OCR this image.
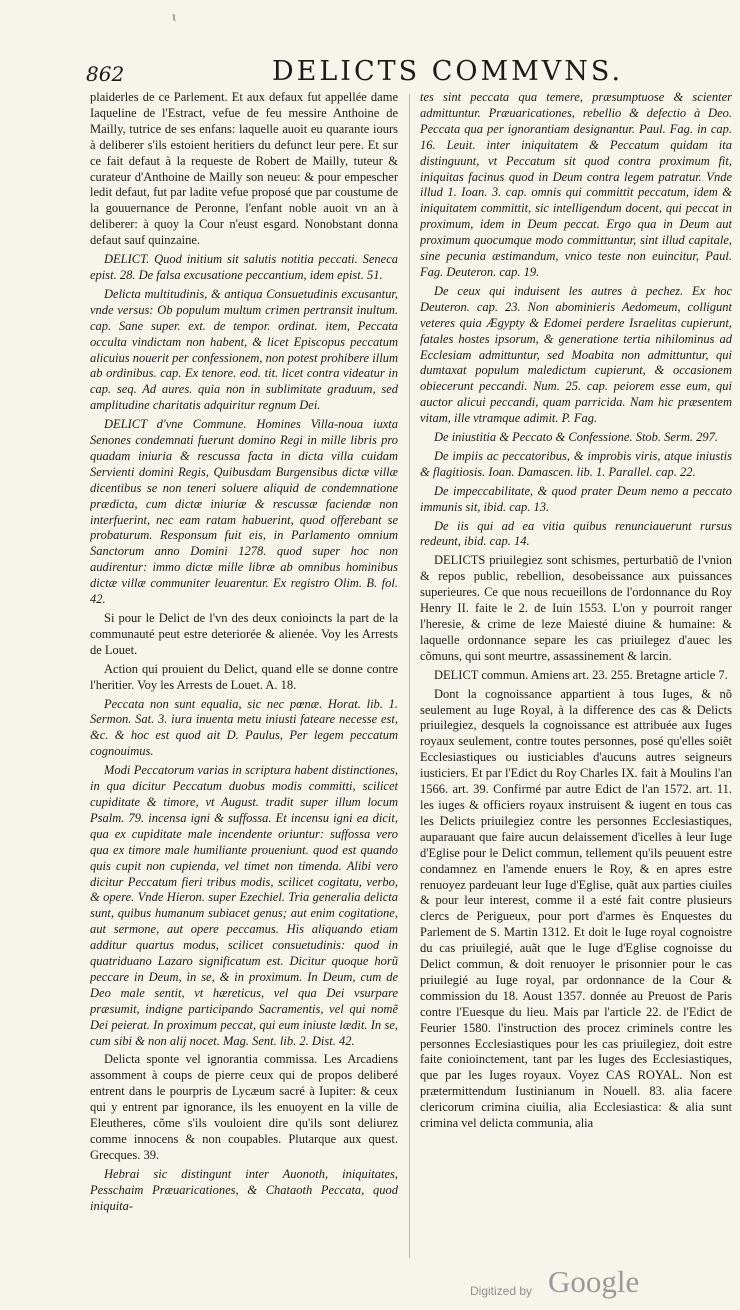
ɩ
862	DELICTS COMMVNS.

plaiderles de ce Parlement. Et aux defaux fut appellée dame Iaqueline de l'Estract, vefue de feu messire Anthoine de Mailly, tutrice de ses enfans: laquelle auoit eu quarante iours à deliberer s'ils estoient heritiers du defunct leur pere. Et sur ce fait defaut à la requeste de Robert de Mailly, tuteur & curateur d'Anthoine de Mailly son neueu: & pour empescher ledit defaut, fut par ladite vefue proposé que par coustume de la gouuernance de Peronne, l'enfant noble auoit vn an à deliberer: à quoy la Cour n'eust esgard. Nonobstant donna defaut sauf quinzaine.

DELICT. Quod initium sit salutis notitia peccati. Seneca epist. 28. De falsa excusatione peccantium, idem epist. 51.

Delicta multitudinis, & antiqua Consuetudinis excusantur, vnde versus: Ob populum multum crimen pertransit inultum. cap. Sane super. ext. de tempor. ordinat. item, Peccata occulta vindictam non habent, & licet Episcopus peccatum alicuius nouerit per confessionem, non potest prohibere illum ab ordinibus. cap. Ex tenore. eod. tit. licet contra videatur in cap. seq. Ad aures. quia non in sublimitate graduum, sed amplitudine charitatis adquiritur regnum Dei.

DELICT d'vne Commune. Homines Villa-noua iuxta Senones condemnati fuerunt domino Regi in mille libris pro quadam iniuria & rescussa facta in dicta villa cuidam Servienti domini Regis, Quibusdam Burgensibus dictæ villæ dicentibus se non teneri soluere aliquid de condemnatione prædicta, cum dictæ iniuriæ & rescussæ faciendæ non interfuerint, nec eam ratam habuerint, quod offerebant se probaturum. Responsum fuit eis, in Parlamento omnium Sanctorum anno Domini 1278. quod super hoc non audirentur: immo dictæ mille libræ ab omnibus hominibus dictæ villæ communiter leuarentur. Ex registro Olim. B. fol. 42.

Si pour le Delict de l'vn des deux conioincts la part de la communauté peut estre deteriorée & alienée. Voy les Arrests de Louet.

Action qui prouient du Delict, quand elle se donne contre l'heritier. Voy les Arrests de Louet. A. 18.

Peccata non sunt equalia, sic nec pœnæ. Horat. lib. 1. Sermon. Sat. 3. iura inuenta metu iniusti fateare necesse est, &c. & hoc est quod ait D. Paulus, Per legem peccatum cognouimus.

Modi Peccatorum varias in scriptura habent distinctiones, in qua dicitur Peccatum duobus modis committi, scilicet cupiditate & timore, vt August. tradit super illum locum Psalm. 79. incensa igni & suffossa. Et incensu igni ea dicit, qua ex cupiditate male incendente oriuntur: suffossa vero qua ex timore male humiliante proueniunt. quod est quando quis cupit non cupienda, vel timet non timenda. Alibi vero dicitur Peccatum fieri tribus modis, scilicet cogitatu, verbo, & opere. Vnde Hieron. super Ezechiel. Tria generalia delicta sunt, quibus humanum subiacet genus; aut enim cogitatione, aut sermone, aut opere peccamus. His aliquando etiam additur quartus modus, scilicet consuetudinis: quod in quatriduano Lazaro significatum est. Dicitur quoque horũ peccare in Deum, in se, & in proximum. In Deum, cum de Deo male sentit, vt hæreticus, vel qua Dei vsurpare præsumit, indigne participando Sacramentis, vel qui nomẽ Dei peierat. In proximum peccat, qui eum iniuste lædit. In se, cum sibi & non alij nocet. Mag. Sent. lib. 2. Dist. 42.

Delicta sponte vel ignorantia commissa. Les Arcadiens assomment à coups de pierre ceux qui de propos deliberé entrent dans le pourpris de Lycæum sacré à Iupiter: & ceux qui y entrent par ignorance, ils les enuoyent en la ville de Eleutheres, cõme s'ils vouloient dire qu'ils sont deliurez comme innocens & non coupables. Plutarque aux quest. Grecques. 39.

Hebrai sic distingunt inter Auonoth, iniquitates, Pesschaim Præuaricationes, & Chataoth Peccata, quod iniquita-

tes sint peccata qua temere, præsumptuose & scienter admittuntur. Præuaricationes, rebellio & defectio à Deo. Peccata qua per ignorantiam designantur. Paul. Fag. in cap. 16. Leuit. inter iniquitatem & Peccatum quidam ita distinguunt, vt Peccatum sit quod contra proximum fit, iniquitas facinus quod in Deum contra legem patratur. Vnde illud 1. Ioan. 3. cap. omnis qui committit peccatum, idem & iniquitatem committit, sic intelligendum docent, qui peccat in proximum, idem in Deum peccat. Ergo qua in Deum aut proximum quocumque modo committuntur, sint illud capitale, sine pecunia æstimandum, vnico teste non euincitur, Paul. Fag. Deuteron. cap. 19.

De ceux qui induisent les autres à pechez. Ex hoc Deuteron. cap. 23. Non abominieris Aedomeum, colligunt veteres quia Ægypty & Edomei perdere Israelitas cupierunt, fatales hostes ipsorum, & generatione tertia nihilominus ad Ecclesiam admittuntur, sed Moabita non admittuntur, qui dumtaxat populum maledictum cupierunt, & occasionem obiecerunt peccandi. Num. 25. cap. peiorem esse eum, qui auctor alicui peccandi, quam parricida. Nam hic præsentem vitam, ille vtramque adimit. P. Fag.

De iniustitia & Peccato & Confessione. Stob. Serm. 297.

De impiis ac peccatoribus, & improbis viris, atque iniustis & flagitiosis. Ioan. Damascen. lib. 1. Parallel. cap. 22.

De impeccabilitate, & quod prater Deum nemo a peccato immunis sit, ibid. cap. 13.

De iis qui ad ea vitia quibus renunciauerunt rursus redeunt, ibid. cap. 14.

DELICTS priuilegiez sont schismes, perturbatiõ de l'vnion & repos public, rebellion, desobeissance aux puissances superieures. Ce que nous recueillons de l'ordonnance du Roy Henry II. faite le 2. de Iuin 1553. L'on y pourroit ranger l'heresie, & crime de leze Maiesté diuine & humaine: & laquelle ordonnance separe les cas priuilegez d'auec les cõmuns, qui sont meurtre, assassinement & larcin.

DELICT commun. Amiens art. 23. 255. Bretagne article 7.

Dont la cognoissance appartient à tous Iuges, & nõ seulement au Iuge Royal, à la difference des cas & Delicts priuilegiez, desquels la cognoissance est attribuée aux Iuges royaux seulement, contre toutes personnes, posé qu'elles soiẽt Ecclesiastiques ou iusticiables d'aucuns autres seigneurs iusticiers. Et par l'Edict du Roy Charles IX. fait à Moulins l'an 1566. art. 39. Confirmé par autre Edict de l'an 1572. art. 11. les iuges & officiers royaux instruisent & iugent en tous cas les Delicts priuilegiez contre les personnes Ecclesiastiques, auparauant que faire aucun delaissement d'icelles à leur Iuge d'Eglise pour le Delict commun, tellement qu'ils peuuent estre condamnez en l'amende enuers le Roy, & en apres estre renuoyez pardeuant leur Iuge d'Eglise, quãt aux parties ciuiles & pour leur interest, comme il a esté fait contre plusieurs clercs de Perigueux, pour port d'armes ès Enquestes du Parlement de S. Martin 1312. Et doit le Iuge royal cognoistre du cas priuilegié, auãt que le Iuge d'Eglise cognoisse du Delict commun, & doit renuoyer le prisonnier pour le cas priuilegié au Iuge royal, par ordonnance de la Cour & commission du 18. Aoust 1357. donnée au Preuost de Paris contre l'Euesque du lieu. Mais par l'article 22. de l'Edict de Feurier 1580. l'instruction des procez criminels contre les personnes Ecclesiastiques pour les cas priuilegiez, doit estre faite conioinctement, tant par les Iuges des Ecclesiastiques, que par les Iuges royaux. Voyez CAS ROYAL. Non est prætermittendum Iustinianum in Nouell. 83. alia facere clericorum crimina ciuilia, alia Ecclesiastica: & alia sunt crimina vel delicta communia, alia

Digitized by Google
